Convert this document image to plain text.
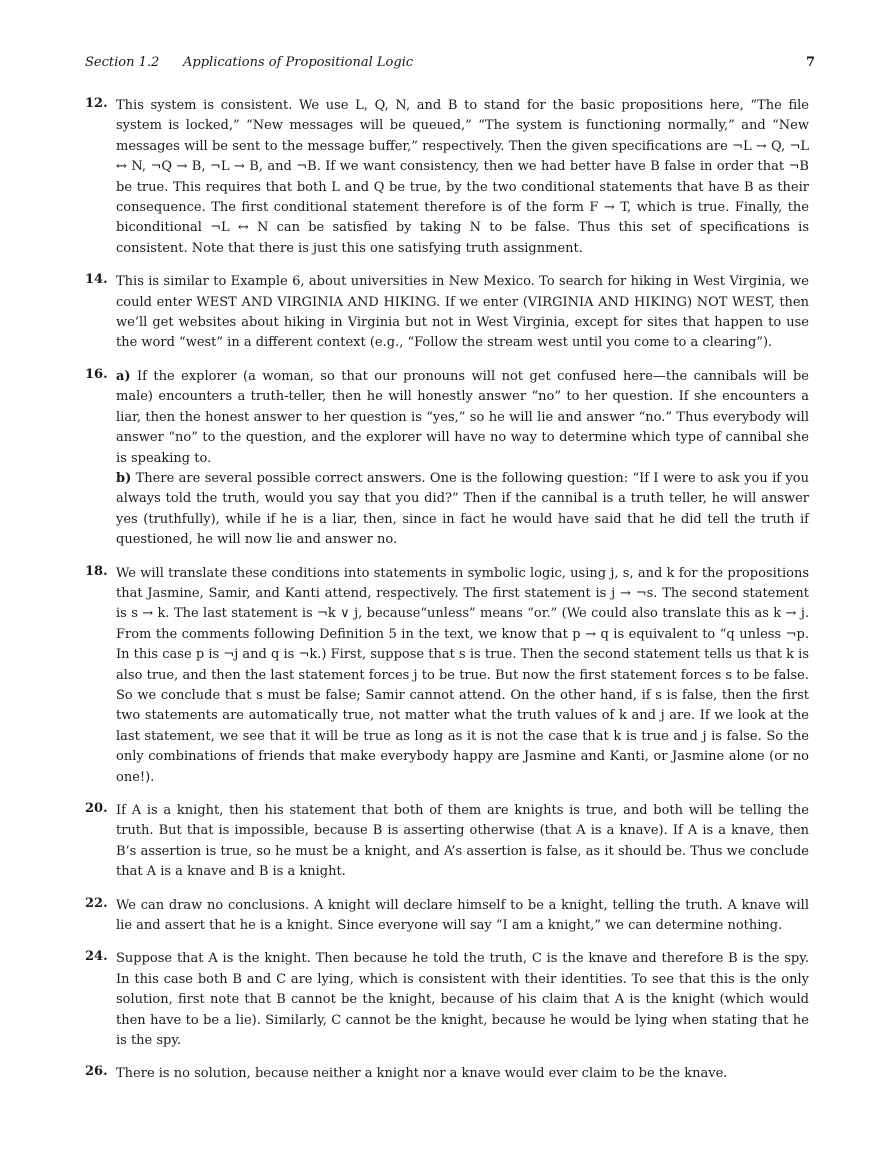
Section 1.2 Applications of Propositional Logic	7
12. This system is consistent. We use L, Q, N, and B to stand for the basic propositions here, “The file system is locked,” “New messages will be queued,” “The system is functioning normally,” and “New messages will be sent to the message buffer,” respectively. Then the given specifications are ¬L → Q, ¬L ↔ N, ¬Q → B, ¬L → B, and ¬B. If we want consistency, then we had better have B false in order that ¬B be true. This requires that both L and Q be true, by the two conditional statements that have B as their consequence. The first conditional statement therefore is of the form F → T, which is true. Finally, the biconditional ¬L ↔ N can be satisfied by taking N to be false. Thus this set of specifications is consistent. Note that there is just this one satisfying truth assignment.

14. This is similar to Example 6, about universities in New Mexico. To search for hiking in West Virginia, we could enter WEST AND VIRGINIA AND HIKING. If we enter (VIRGINIA AND HIKING) NOT WEST, then we’ll get websites about hiking in Virginia but not in West Virginia, except for sites that happen to use the word “west” in a different context (e.g., “Follow the stream west until you come to a clearing”).

16. a) If the explorer (a woman, so that our pronouns will not get confused here—the cannibals will be male) encounters a truth-teller, then he will honestly answer “no” to her question. If she encounters a liar, then the honest answer to her question is “yes,” so he will lie and answer “no.” Thus everybody will answer “no” to the question, and the explorer will have no way to determine which type of cannibal she is speaking to.

b) There are several possible correct answers. One is the following question: “If I were to ask you if you always told the truth, would you say that you did?” Then if the cannibal is a truth teller, he will answer yes (truthfully), while if he is a liar, then, since in fact he would have said that he did tell the truth if questioned, he will now lie and answer no.

18. We will translate these conditions into statements in symbolic logic, using j, s, and k for the propositions that Jasmine, Samir, and Kanti attend, respectively. The first statement is j → ¬s. The second statement is s → k. The last statement is ¬k ∨ j, because“unless” means “or.” (We could also translate this as k → j. From the comments following Definition 5 in the text, we know that p → q is equivalent to “q unless ¬p. In this case p is ¬j and q is ¬k.) First, suppose that s is true. Then the second statement tells us that k is also true, and then the last statement forces j to be true. But now the first statement forces s to be false. So we conclude that s must be false; Samir cannot attend. On the other hand, if s is false, then the first two statements are automatically true, not matter what the truth values of k and j are. If we look at the last statement, we see that it will be true as long as it is not the case that k is true and j is false. So the only combinations of friends that make everybody happy are Jasmine and Kanti, or Jasmine alone (or no one!).

20. If A is a knight, then his statement that both of them are knights is true, and both will be telling the truth. But that is impossible, because B is asserting otherwise (that A is a knave). If A is a knave, then B’s assertion is true, so he must be a knight, and A’s assertion is false, as it should be. Thus we conclude that A is a knave and B is a knight.

22. We can draw no conclusions. A knight will declare himself to be a knight, telling the truth. A knave will lie and assert that he is a knight. Since everyone will say “I am a knight,” we can determine nothing.

24. Suppose that A is the knight. Then because he told the truth, C is the knave and therefore B is the spy. In this case both B and C are lying, which is consistent with their identities. To see that this is the only solution, first note that B cannot be the knight, because of his claim that A is the knight (which would then have to be a lie). Similarly, C cannot be the knight, because he would be lying when stating that he is the spy.

26. There is no solution, because neither a knight nor a knave would ever claim to be the knave.
